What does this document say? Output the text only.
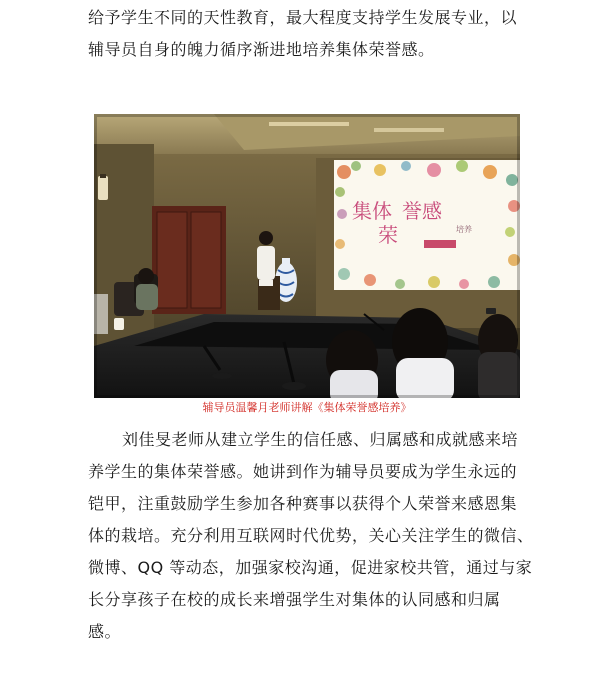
给予学生不同的天性教育，最大程度支持学生发展专业，以
辅导员自身的魄力循序渐进地培养集体荣誉感。
集体
荣
誉感
培养
辅导员温馨月老师讲解《集体荣誉感培养》
刘佳旻老师从建立学生的信任感、归属感和成就感来培
养学生的集体荣誉感。她讲到作为辅导员要成为学生永远的
铠甲，注重鼓励学生参加各种赛事以获得个人荣誉来感恩集
体的栽培。充分利用互联网时代优势，关心关注学生的微信、
微博、QQ 等动态，加强家校沟通，促进家校共管，通过与家
长分享孩子在校的成长来增强学生对集体的认同感和归属
感。
